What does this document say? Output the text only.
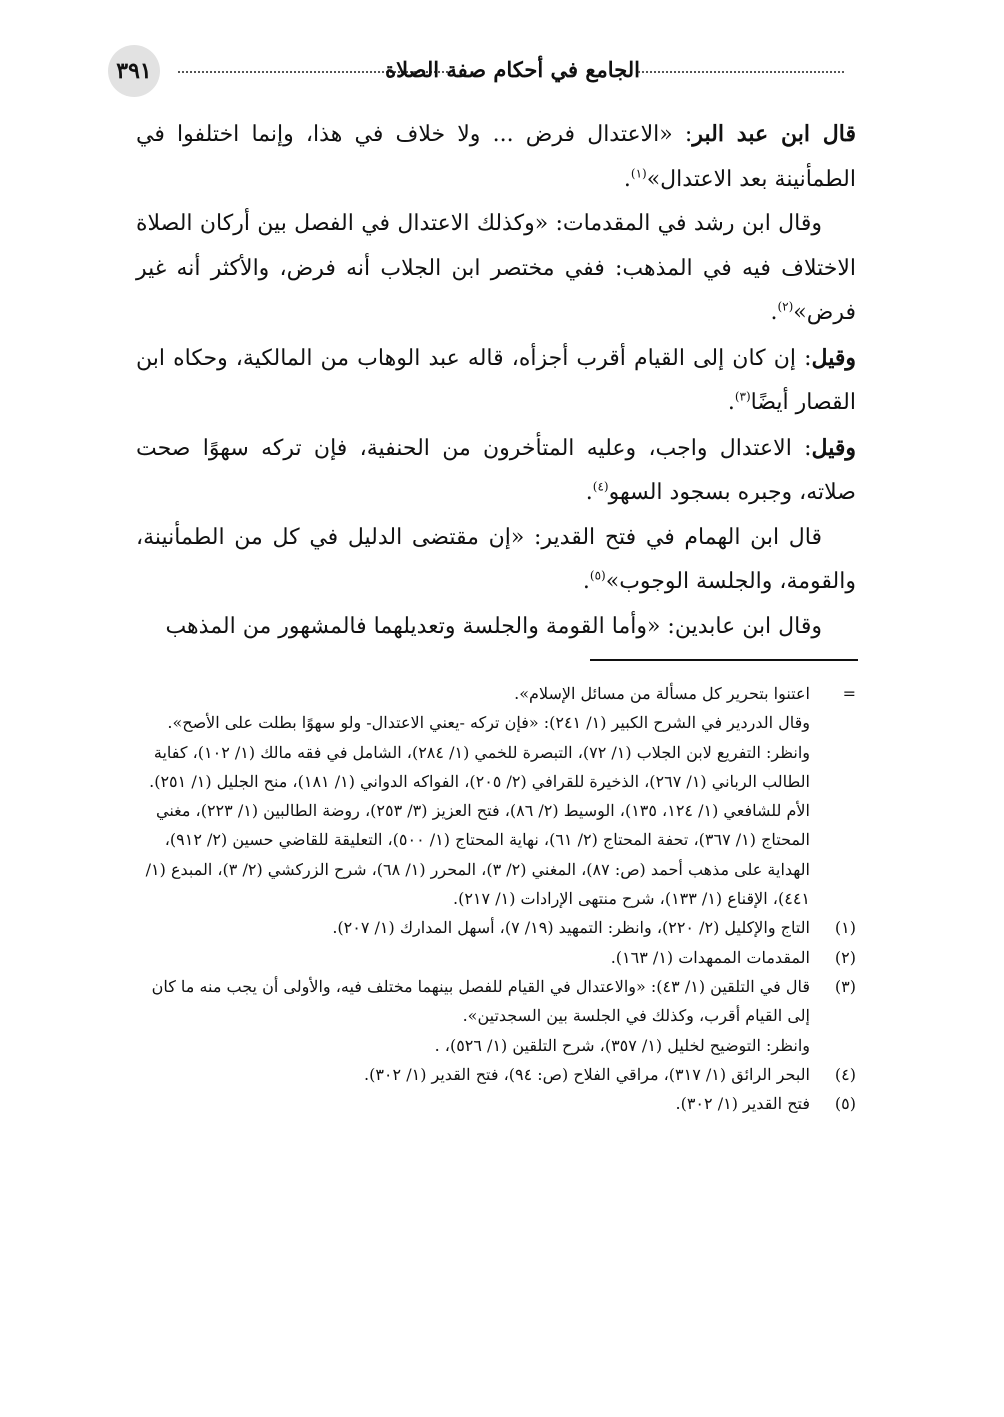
٣٩١	الجامع في أحكام صفة الصلاة

قال ابن عبد البر: «الاعتدال فرض ... ولا خلاف في هذا، وإنما اختلفوا في الطمأنينة بعد الاعتدال»$^{(١)}$.

وقال ابن رشد في المقدمات: «وكذلك الاعتدال في الفصل بين أركان الصلاة الاختلاف فيه في المذهب: ففي مختصر ابن الجلاب أنه فرض، والأكثر أنه غير فرض»$^{(٢)}$.

وقيل: إن كان إلى القيام أقرب أجزأه، قاله عبد الوهاب من المالكية، وحكاه ابن القصار أيضًا$^{(٣)}$.

وقيل: الاعتدال واجب، وعليه المتأخرون من الحنفية، فإن تركه سهوًا صحت صلاته، وجبره بسجود السهو$^{(٤)}$.

قال ابن الهمام في فتح القدير: «إن مقتضى الدليل في كل من الطمأنينة، والقومة، والجلسة الوجوب»$^{(٥)}$.

وقال ابن عابدين: «وأما القومة والجلسة وتعديلهما فالمشهور من المذهب

=
اعتنوا بتحرير كل مسألة من مسائل الإسلام».
وقال الدردير في الشرح الكبير (١/ ٢٤١): «فإن تركه -يعني الاعتدال- ولو سهوًا بطلت على الأصح».
وانظر: التفريع لابن الجلاب (١/ ٧٢)، التبصرة للخمي (١/ ٢٨٤)، الشامل في فقه مالك (١/ ١٠٢)، كفاية الطالب الرباني (١/ ٢٦٧)، الذخيرة للقرافي (٢/ ٢٠٥)، الفواكه الدواني (١/ ١٨١)، منح الجليل (١/ ٢٥١).
الأم للشافعي (١/ ١٢٤، ١٣٥)، الوسيط (٢/ ٨٦)، فتح العزيز (٣/ ٢٥٣)، روضة الطالبين (١/ ٢٢٣)، مغني المحتاج (١/ ٣٦٧)، تحفة المحتاج (٢/ ٦١)، نهاية المحتاج (١/ ٥٠٠)، التعليقة للقاضي حسين (٢/ ٩١٢)، الهداية على مذهب أحمد (ص: ٨٧)، المغني (٢/ ٣)، المحرر (١/ ٦٨)، شرح الزركشي (٢/ ٣)، المبدع (١/ ٤٤١)، الإقناع (١/ ١٣٣)، شرح منتهى الإرادات (١/ ٢١٧).
(١)
التاج والإكليل (٢/ ٢٢٠)، وانظر: التمهيد (١٩/ ٧)، أسهل المدارك (١/ ٢٠٧).
(٢)
المقدمات الممهدات (١/ ١٦٣).
(٣)
قال في التلقين (١/ ٤٣): «والاعتدال في القيام للفصل بينهما مختلف فيه، والأولى أن يجب منه ما كان إلى القيام أقرب، وكذلك في الجلسة بين السجدتين».
وانظر: التوضيح لخليل (١/ ٣٥٧)، شرح التلقين (١/ ٥٢٦)، .
(٤)
البحر الرائق (١/ ٣١٧)، مراقي الفلاح (ص: ٩٤)، فتح القدير (١/ ٣٠٢).
(٥)
فتح القدير (١/ ٣٠٢).
